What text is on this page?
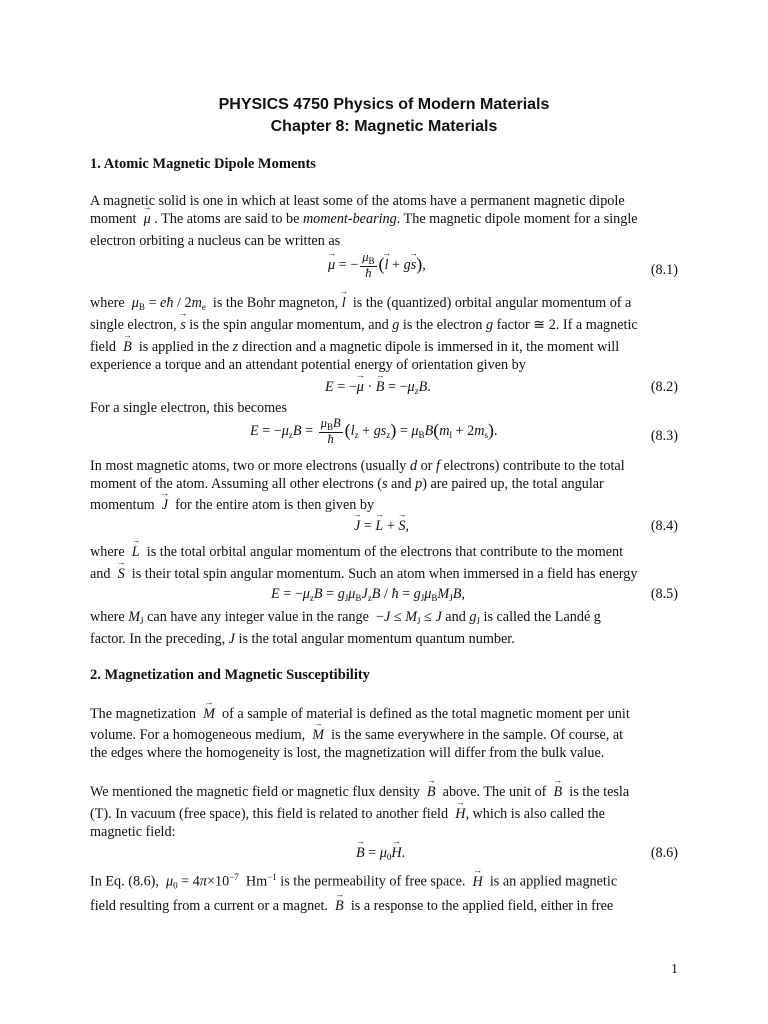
PHYSICS 4750 Physics of Modern Materials
Chapter 8: Magnetic Materials
1. Atomic Magnetic Dipole Moments
A magnetic solid is one in which at least some of the atoms have a permanent magnetic dipole
moment → μ . The atoms are said to be moment-bearing. The magnetic dipole moment for a single
electron orbiting a nucleus can be written as
→ μ = − $\frac{\mu_B}{ħ}$ (→ l + g→ s),	(8.1)
where $\mu_B$ = eħ / $2m_e$ is the Bohr magneton, → l is the (quantized) orbital angular momentum of a
single electron, → s is the spin angular momentum, and g is the electron g factor ≅ 2. If a magnetic
field → B is applied in the z direction and a magnetic dipole is immersed in it, the moment will
experience a torque and an attendant potential energy of orientation given by
E = −→ μ · → $B = -\mu_zB$.	(8.2)
For a single electron, this becomes
$E = -\mu_zB = \frac{\mu_BB}{ħ} (l_z + gs_z) = \mu_BB(m_l + 2m_s)$.	(8.3)
In most magnetic atoms, two or more electrons (usually d or f electrons) contribute to the total
moment of the atom. Assuming all other electrons (s and p) are paired up, the total angular
momentum → J for the entire atom is then given by
→ J = → L + → S,	(8.4)
where → L is the total orbital angular momentum of the electrons that contribute to the moment
and → S is their total spin angular momentum. Such an atom when immersed in a field has energy
$E = -\mu_zB = g_J\mu_BJ_zB$ / ħ = $g_J\mu_BM_JB$,	(8.5)
where $M_J$ can have any integer value in the range  $-J \le M_J \le J$ and $g_J$ is called the Landé g
factor. In the preceding, J is the total angular momentum quantum number.
2. Magnetization and Magnetic Susceptibility
The magnetization → M of a sample of material is defined as the total magnetic moment per unit
volume. For a homogeneous medium, → M is the same everywhere in the sample. Of course, at
the edges where the homogeneity is lost, the magnetization will differ from the bulk value.
We mentioned the magnetic field or magnetic flux density → B above. The unit of → B is the tesla
(T). In vacuum (free space), this field is related to another field → H, which is also called the
magnetic field:
→ $B = \mu_0\to H$.	(8.6)
In Eq. (8.6), $\mu_0 = 4\pi\times 10^{-7}$  $Hm^{-1}$ is the permeability of free space. → H is an applied magnetic
field resulting from a current or a magnet. → B is a response to the applied field, either in free
1
